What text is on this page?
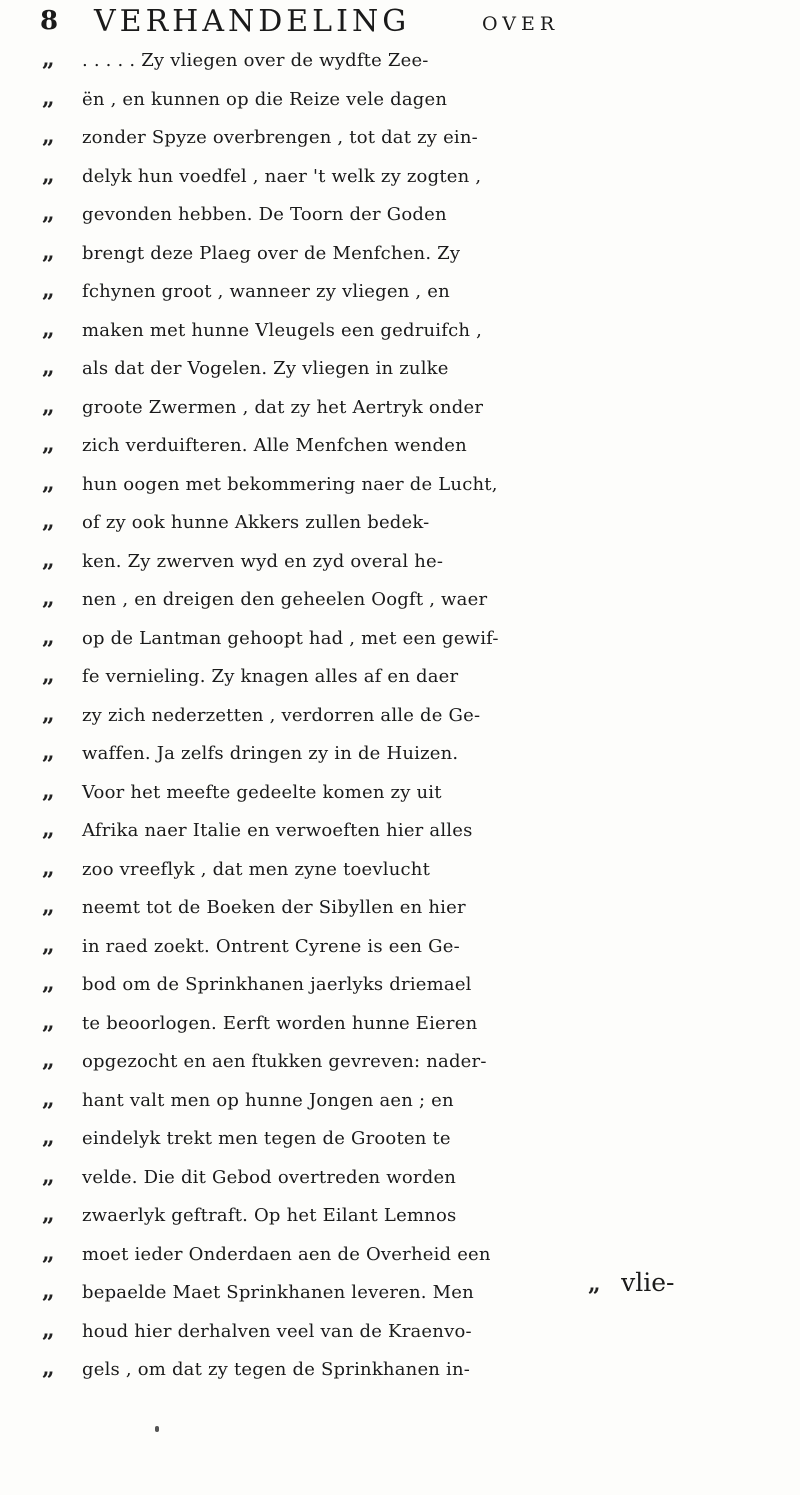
8 VERHANDELING	OVER
„	. . . . . Zy vliegen over de wydfte Zee-
„	ën , en kunnen op die Reize vele dagen
„	zonder Spyze overbrengen , tot dat zy ein-
„	delyk hun voedfel , naer 't welk zy zogten ,
„	gevonden hebben. De Toorn der Goden
„	brengt deze Plaeg over de Menfchen. Zy
„	fchynen groot , wanneer zy vliegen , en
„	maken met hunne Vleugels een gedruifch ,
„	als dat der Vogelen. Zy vliegen in zulke
„	groote Zwermen , dat zy het Aertryk onder
„	zich verduifteren. Alle Menfchen wenden
„	hun oogen met bekommering naer de Lucht,
„	of zy ook hunne Akkers zullen bedek-
„	ken. Zy zwerven wyd en zyd overal he-
„	nen , en dreigen den geheelen Oogft , waer
„	op de Lantman gehoopt had , met een gewif-
„	fe vernieling. Zy knagen alles af en daer
„	zy zich nederzetten , verdorren alle de Ge-
„	waffen. Ja zelfs dringen zy in de Huizen.
„	Voor het meefte gedeelte komen zy uit
„	Afrika naer Italie en verwoeften hier alles
„	zoo vreeflyk , dat men zyne toevlucht
„	neemt tot de Boeken der Sibyllen en hier
„	in raed zoekt. Ontrent Cyrene is een Ge-
„	bod om de Sprinkhanen jaerlyks driemael
„	te beoorlogen. Eerft worden hunne Eieren
„	opgezocht en aen ftukken gevreven: nader-
„	hant valt men op hunne Jongen aen ; en
„	eindelyk trekt men tegen de Grooten te
„	velde. Die dit Gebod overtreden worden
„	zwaerlyk geftraft. Op het Eilant Lemnos
„	moet ieder Onderdaen aen de Overheid een
„	bepaelde Maet Sprinkhanen leveren. Men
„	houd hier derhalven veel van de Kraenvo-
„	gels , om dat zy tegen de Sprinkhanen in-
„ vlie-
